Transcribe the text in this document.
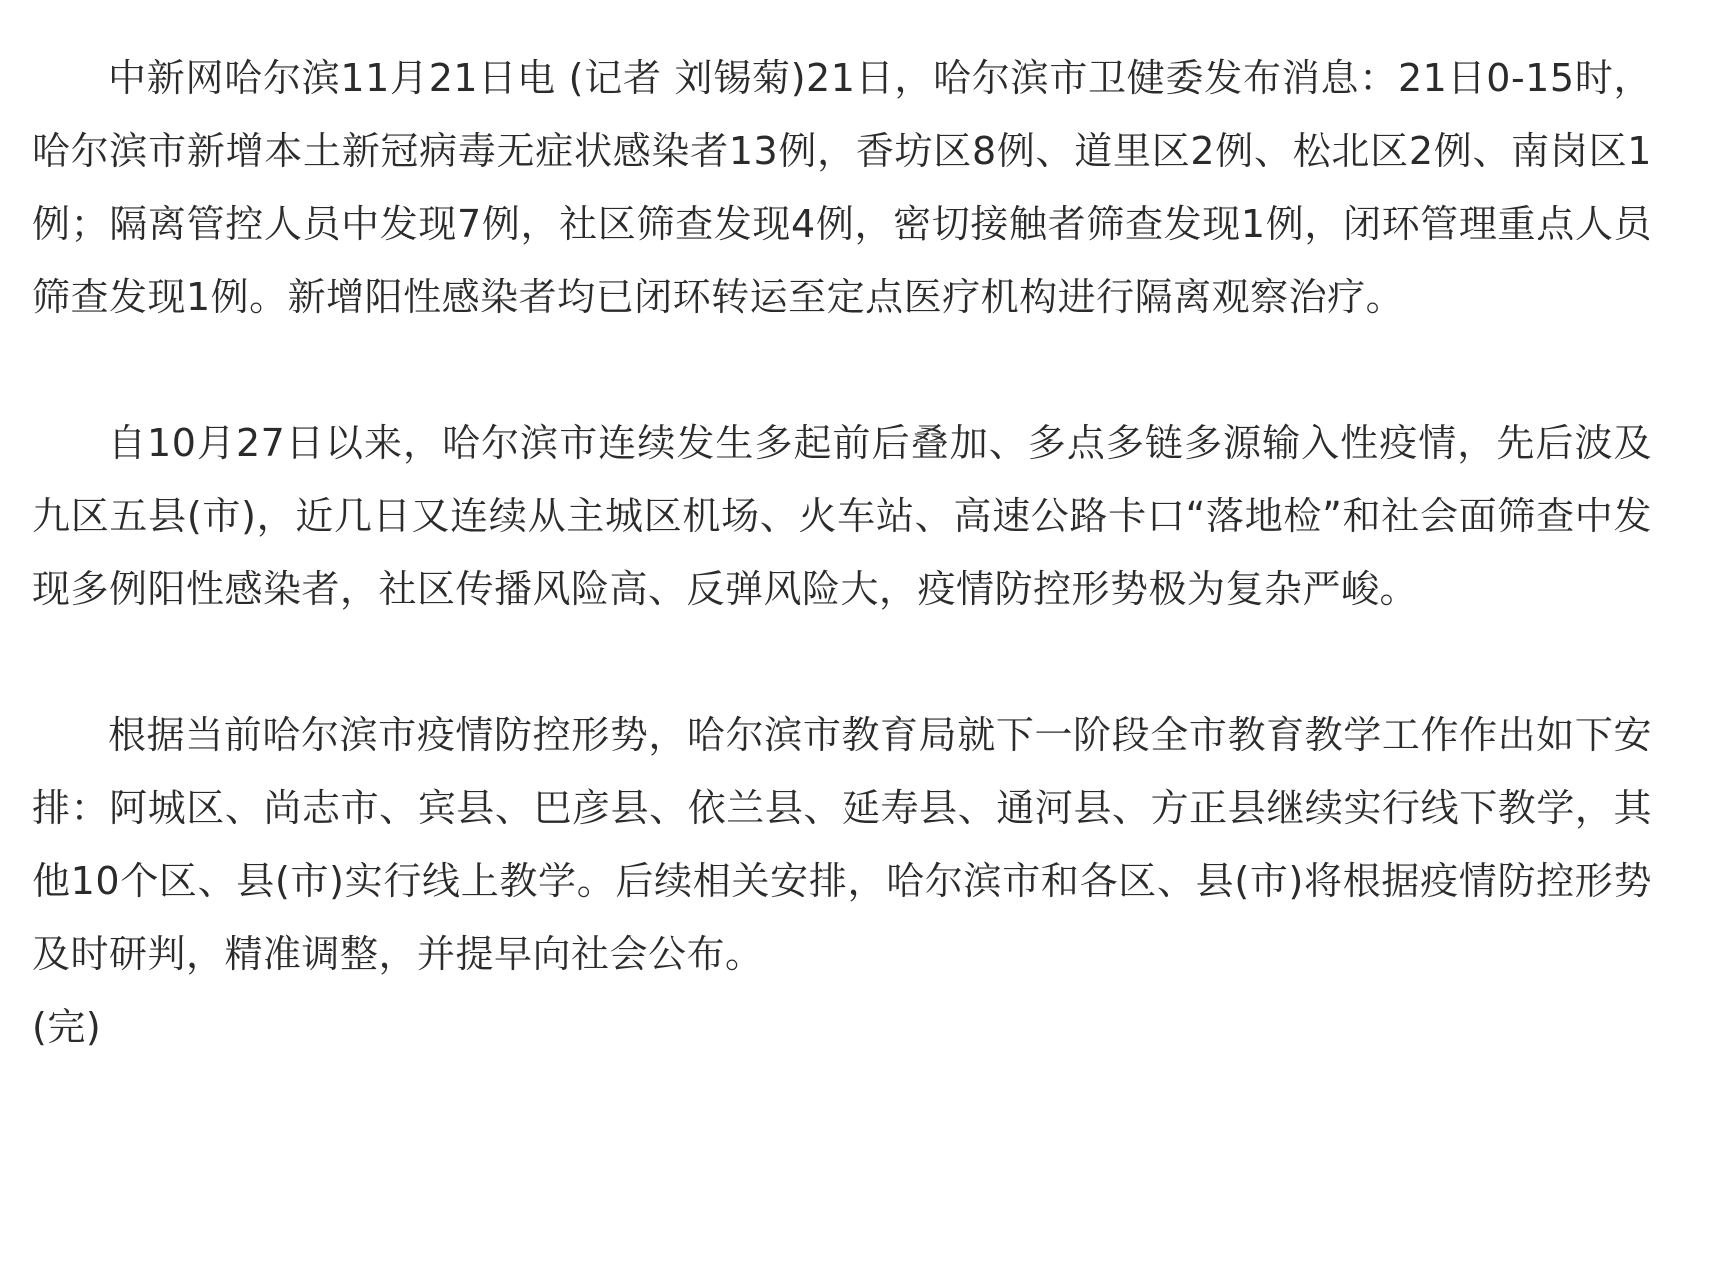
中新网哈尔滨11月21日电 (记者 刘锡菊)21日，哈尔滨市卫健委发布消息：21日0-15时，哈尔滨市新增本土新冠病毒无症状感染者13例，香坊区8例、道里区2例、松北区2例、南岗区1例；隔离管控人员中发现7例，社区筛查发现4例，密切接触者筛查发现1例，闭环管理重点人员筛查发现1例。新增阳性感染者均已闭环转运至定点医疗机构进行隔离观察治疗。

自10月27日以来，哈尔滨市连续发生多起前后叠加、多点多链多源输入性疫情，先后波及九区五县(市)，近几日又连续从主城区机场、火车站、高速公路卡口“落地检”和社会面筛查中发现多例阳性感染者，社区传播风险高、反弹风险大，疫情防控形势极为复杂严峻。

根据当前哈尔滨市疫情防控形势，哈尔滨市教育局就下一阶段全市教育教学工作作出如下安排：阿城区、尚志市、宾县、巴彦县、依兰县、延寿县、通河县、方正县继续实行线下教学，其他10个区、县(市)实行线上教学。后续相关安排，哈尔滨市和各区、县(市)将根据疫情防控形势及时研判，精准调整，并提早向社会公布。
(完)
